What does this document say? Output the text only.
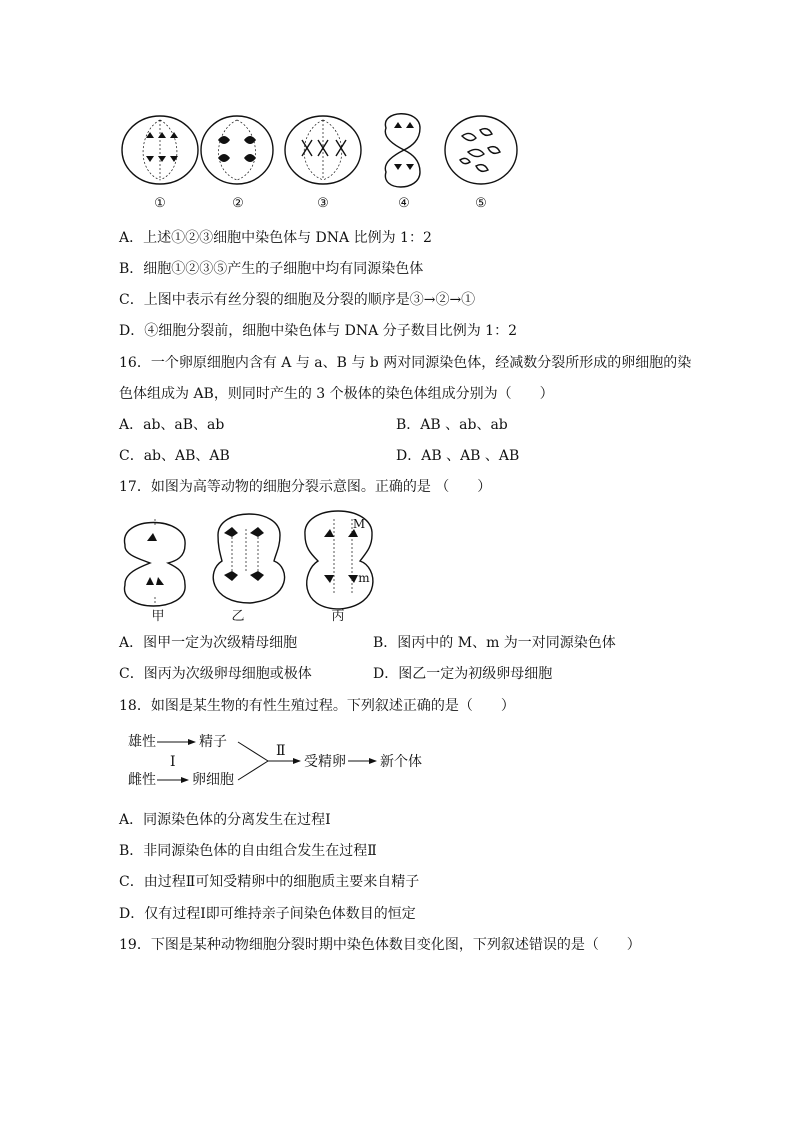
①	②	③	④	⑤
A．上述①②③细胞中染色体与 DNA 比例为 1：2
B．细胞①②③⑤产生的子细胞中均有同源染色体
C．上图中表示有丝分裂的细胞及分裂的顺序是③→②→①
D．④细胞分裂前，细胞中染色体与 DNA 分子数目比例为 1：2
16．一个卵原细胞内含有 A 与 a、B 与 b 两对同源染色体，经减数分裂所形成的卵细胞的染
色体组成为 AB，则同时产生的 3 个极体的染色体组成分别为（　　）
A．ab、aB、ab	B．AB 、ab、ab
C．ab、AB、AB	D．AB 、AB 、AB
17．如图为高等动物的细胞分裂示意图。正确的是 （　　）
M
m
甲	乙	丙
A．图甲一定为次级精母细胞	B．图丙中的 M、m 为一对同源染色体
C．图丙为次级卵母细胞或极体	D．图乙一定为初级卵母细胞
18．如图是某生物的有性生殖过程。下列叙述正确的是（　　）
雄性	精子
Ⅰ
雌性	卵细胞
Ⅱ
受精卵 新个体
A．同源染色体的分离发生在过程Ⅰ
B．非同源染色体的自由组合发生在过程Ⅱ
C．由过程Ⅱ可知受精卵中的细胞质主要来自精子
D．仅有过程Ⅰ即可维持亲子间染色体数目的恒定
19．下图是某种动物细胞分裂时期中染色体数目变化图，下列叙述错误的是（　　）
